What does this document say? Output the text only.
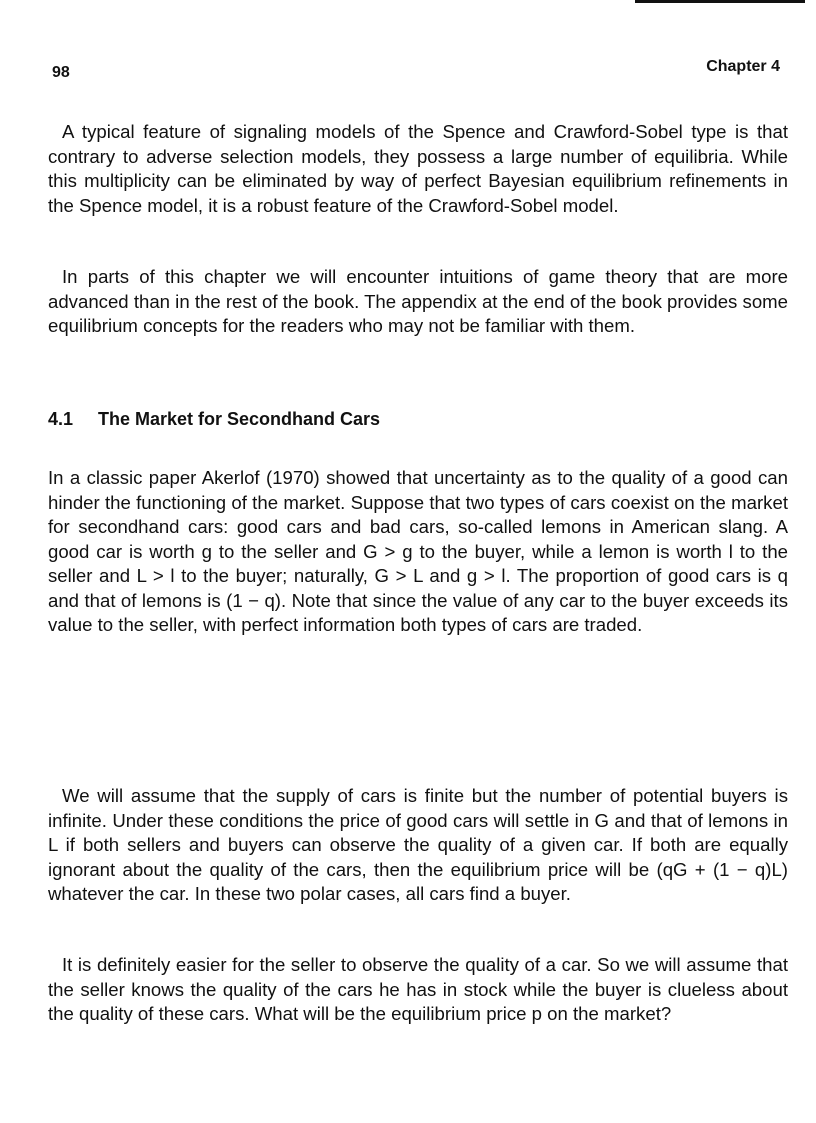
98	Chapter 4

A typical feature of signaling models of the Spence and Crawford-Sobel type is that contrary to adverse selection models, they possess a large number of equilibria. While this multiplicity can be eliminated by way of perfect Bayesian equilibrium refinements in the Spence model, it is a robust feature of the Crawford-Sobel model.

In parts of this chapter we will encounter intuitions of game theory that are more advanced than in the rest of the book. The appendix at the end of the book provides some equilibrium concepts for the readers who may not be familiar with them.

4.1 The Market for Secondhand Cars

In a classic paper Akerlof (1970) showed that uncertainty as to the quality of a good can hinder the functioning of the market. Suppose that two types of cars coexist on the market for secondhand cars: good cars and bad cars, so-called lemons in American slang. A good car is worth g to the seller and G > g to the buyer, while a lemon is worth l to the seller and L > l to the buyer; naturally, G > L and g > l. The proportion of good cars is q and that of lemons is (1 − q). Note that since the value of any car to the buyer exceeds its value to the seller, with perfect information both types of cars are traded.

We will assume that the supply of cars is finite but the number of potential buyers is infinite. Under these conditions the price of good cars will settle in G and that of lemons in L if both sellers and buyers can observe the quality of a given car. If both are equally ignorant about the quality of the cars, then the equilibrium price will be (qG + (1 − q)L) whatever the car. In these two polar cases, all cars find a buyer.

It is definitely easier for the seller to observe the quality of a car. So we will assume that the seller knows the quality of the cars he has in stock while the buyer is clueless about the quality of these cars. What will be the equilibrium price p on the market?
